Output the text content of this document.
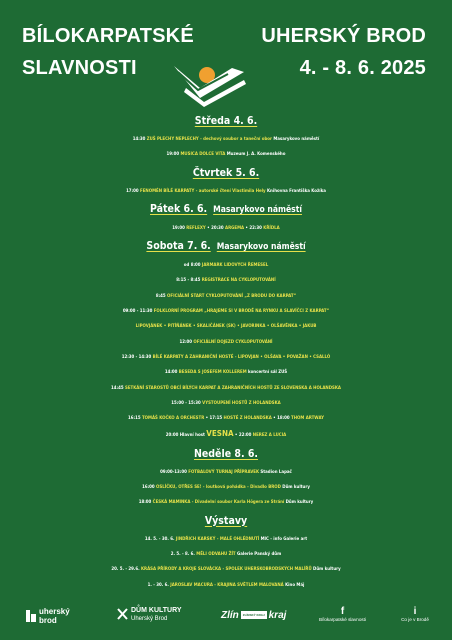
BÍLOKARPATSKÉ
SLAVNOSTI
UHERSKÝ BROD
4. - 8. 6. 2025
Středa 4. 6.
14:30 ZUŠ PLECHY NEPLECHY - dechový soubor a taneční obor Masarykovo náměstí
19:00 MUSICA DOLCE VITA Muzeum J. A. Komenského
Čtvrtek 5. 6.
17:00 FENOMÉN BÍLÉ KARPATY - autorské čtení Vlastimila Hely Knihovna Františka Kožíka
Pátek 6. 6. Masarykovo náměstí
19:00 REFLEXY • 20:30 ARGEMA • 22:30 KŘÍDLA
Sobota 7. 6. Masarykovo náměstí
od 8:00 JARMARK LIDOVÝCH ŘEMESEL
8:15 - 8:45 REGISTRACE NA CYKLOPUTOVÁNÍ
8:45 OFICIÁLNÍ START CYKLOPUTOVÁNÍ „Z BRODU DO KARPAT“
09:00 - 11:30 FOLKLORNÍ PROGRAM „HRAJEME SI V BRODĚ NA RYNKU A SLAVÍČCI Z KARPAT“
LIPOVJÁNEK • PITÍŇÁNEK • SKALIČÁNEK (SK) • JAVORINKA • OLŠAVĚNKA • JAKUB
12:00 OFICIÁLNÍ DOJEZD CYKLOPUTOVÁNÍ
12:30 - 14:30 BÍLÉ KARPATY A ZAHRANIČNÍ HOSTÉ - LIPOVJAN • OLŠAVA • POVAŽAN • CSALLÓ
14:00 BESEDA S JOSEFEM KOLLEREM koncertní sál ZUŠ
14:45 SETKÁNÍ STAROSTŮ OBCÍ BÍLÝCH KARPAT A ZAHRANIČNÍCH HOSTŮ ZE SLOVENSKA A HOLANDSKA
15:00 - 15:30 VYSTOUPENÍ HOSTŮ Z HOLANDSKA
16:15 TOMÁŠ KOČKO A ORCHESTR • 17:15 HOSTÉ Z HOLANDSKA • 18:00 THOM ARTWAY
20:00 Hlavní host VESNA • 22:00 NEREZ A LUCIA
Neděle 8. 6.
09:00-13:00 FOTBALOVÝ TURNAJ PŘÍPRAVEK Stadion Lapač
16:00 OSLÍČKU, OTŘES SE! - loutková pohádka - Divadlo BROD Dům kultury
18:00 ČESKÁ MAMINKA - Divadelní soubor Karla Högera ze Strání Dům kultury
Výstavy
14. 5. - 30. 6. JINDŘICH KARSKÝ - MALÉ OHLÉDNUTÍ MIC - info Galerie art
2. 5. - 8. 6. MĚLI ODVAHU ŽÍT Galerie Panský dům
20. 5. - 29.6. KRÁSA PŘÍRODY A KROJE SLOVÁCKA - SPOLEK UHERSKOBRODSKÝCH MALÍŘŮ Dům kultury
1. - 30. 6. JAROSLAV MACURA - KRAJINA SVĚTLEM MALOVANÁ Kino Máj
uherský
brod
DŮM KULTURY
Uherský Brod	Zlín ZLÍNSKÝ KRAJ kraj	f
Bílokarpatské slavnosti
i
Co je v Brodě
